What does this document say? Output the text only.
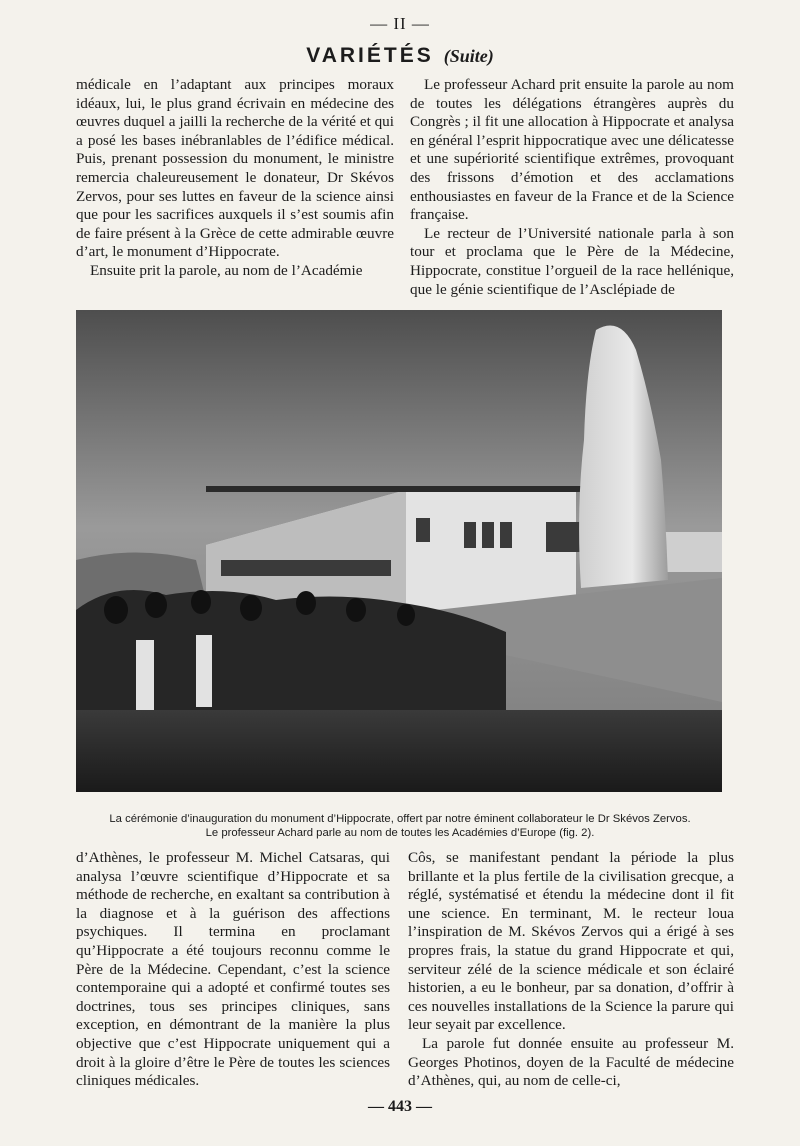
— II —
VARIÉTÉS (Suite)

médicale en l’adaptant aux principes moraux idéaux, lui, le plus grand écrivain en médecine des œuvres duquel a jailli la recherche de la vérité et qui a posé les bases inébranlables de l’édifice médical. Puis, prenant possession du monument, le ministre remercia chaleureusement le donateur, Dr Skévos Zervos, pour ses luttes en faveur de la science ainsi que pour les sacrifices auxquels il s’est soumis afin de faire présent à la Grèce de cette admirable œuvre d’art, le monument d’Hippocrate.

Ensuite prit la parole, au nom de l’Académie

Le professeur Achard prit ensuite la parole au nom de toutes les délégations étrangères auprès du Congrès ; il fit une allocation à Hippocrate et analysa en général l’esprit hippocratique avec une délicatesse et une supériorité scientifique extrêmes, provoquant des frissons d’émotion et des acclamations enthousiastes en faveur de la France et de la Science française.

Le recteur de l’Université nationale parla à son tour et proclama que le Père de la Médecine, Hippocrate, constitue l’orgueil de la race hellénique, que le génie scientifique de l’Asclépiade de

La cérémonie d’inauguration du monument d’Hippocrate, offert par notre éminent collaborateur le Dr Skévos Zervos.
Le professeur Achard parle au nom de toutes les Académies d’Europe (fig. 2).

d’Athènes, le professeur M. Michel Catsaras, qui analysa l’œuvre scientifique d’Hippocrate et sa méthode de recherche, en exaltant sa contribution à la diagnose et à la guérison des affections psychiques. Il termina en proclamant qu’Hippocrate a été toujours reconnu comme le Père de la Médecine. Cependant, c’est la science contemporaine qui a adopté et confirmé toutes ses doctrines, tous ses principes cliniques, sans exception, en démontrant de la manière la plus objective que c’est Hippocrate uniquement qui a droit à la gloire d’être le Père de toutes les sciences cliniques médicales.

Côs, se manifestant pendant la période la plus brillante et la plus fertile de la civilisation grecque, a réglé, systématisé et étendu la médecine dont il fit une science. En terminant, M. le recteur loua l’inspiration de M. Skévos Zervos qui a érigé à ses propres frais, la statue du grand Hippocrate et qui, serviteur zélé de la science médicale et son éclairé historien, a eu le bonheur, par sa donation, d’offrir à ces nouvelles installations de la Science la parure qui leur seyait par excellence.

La parole fut donnée ensuite au professeur M. Georges Photinos, doyen de la Faculté de médecine d’Athènes, qui, au nom de celle-ci,

— 443 —
